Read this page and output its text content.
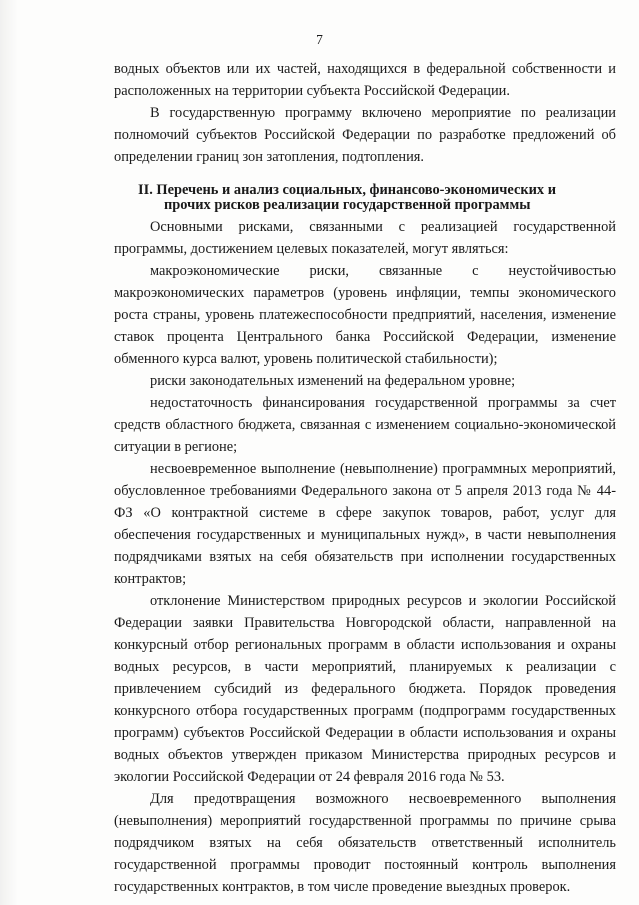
7

водных объектов или их частей, находящихся в федеральной собственности и расположенных на территории субъекта Российской Федерации.

В государственную программу включено мероприятие по реализации полномочий субъектов Российской Федерации по разработке предложений об определении границ зон затопления, подтопления.

II. Перечень и анализ социальных, финансово-экономических и
прочих рисков реализации государственной программы

Основными рисками, связанными с реализацией государственной программы, достижением целевых показателей, могут являться:

макроэкономические риски, связанные с неустойчивостью макроэкономических параметров (уровень инфляции, темпы экономического роста страны, уровень платежеспособности предприятий, населения, изменение ставок процента Центрального банка Российской Федерации, изменение обменного курса валют, уровень политической стабильности);

риски законодательных изменений на федеральном уровне;

недостаточность финансирования государственной программы за счет средств областного бюджета, связанная с изменением социально-экономической ситуации в регионе;

несвоевременное выполнение (невыполнение) программных мероприятий, обусловленное требованиями Федерального закона от 5 апреля 2013 года № 44-ФЗ «О контрактной системе в сфере закупок товаров, работ, услуг для обеспечения государственных и муниципальных нужд», в части невыполнения подрядчиками взятых на себя обязательств при исполнении государственных контрактов;

отклонение Министерством природных ресурсов и экологии Российской Федерации заявки Правительства Новгородской области, направленной на конкурсный отбор региональных программ в области использования и охраны водных ресурсов, в части мероприятий, планируемых к реализации с привлечением субсидий из федерального бюджета. Порядок проведения конкурсного отбора государственных программ (подпрограмм государственных программ) субъектов Российской Федерации в области использования и охраны водных объектов утвержден приказом Министерства природных ресурсов и экологии Российской Федерации от 24 февраля 2016 года № 53.

Для предотвращения возможного несвоевременного выполнения (невыполнения) мероприятий государственной программы по причине срыва подрядчиком взятых на себя обязательств ответственный исполнитель государственной программы проводит постоянный контроль выполнения государственных контрактов, в том числе проведение выездных проверок.
